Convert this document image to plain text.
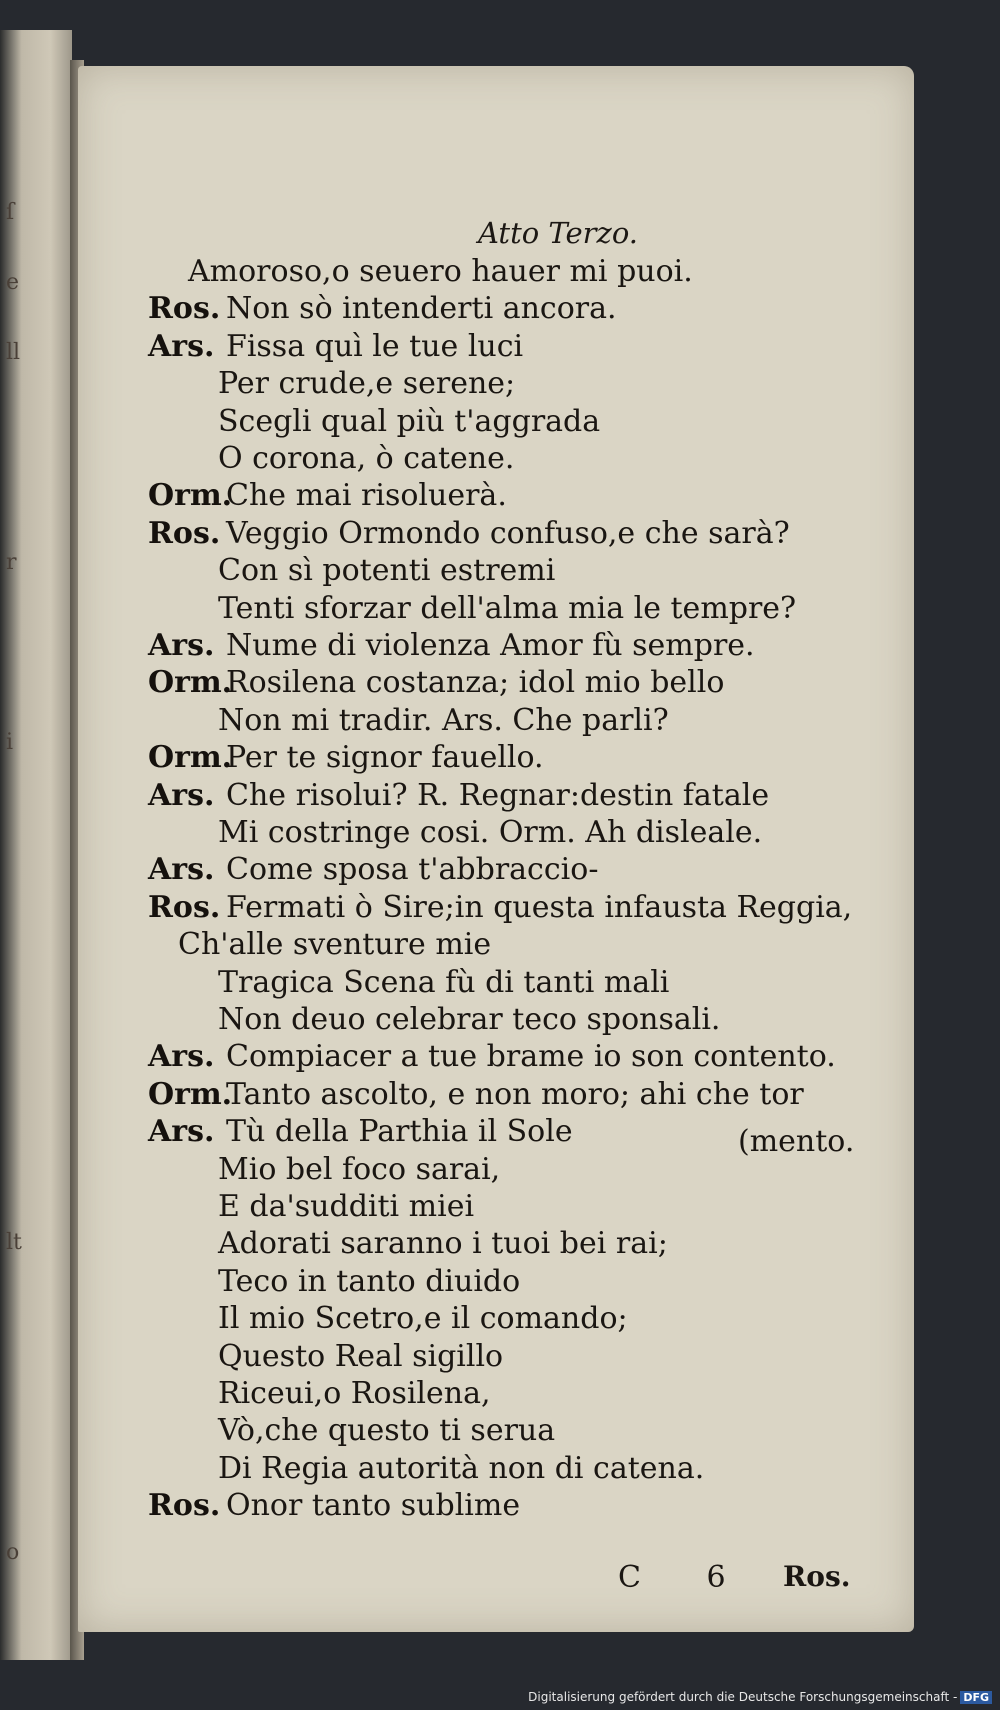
ſ
e
ll
r
i
lt
o
Atto Terzo.
Amoroso,o seuero hauer mi puoi.
Ros. Non sò intenderti ancora.
Ars. Fissa quì le tue luci
Per crude,e serene;
Scegli qual più t'aggrada
O corona, ò catene.
Orm.
Che mai risoluerà.
Ros. Veggio Ormondo confuso,e che sarà?
Con sì potenti estremi
Tenti sforzar dell'alma mia le tempre?
Ars. Nume di violenza Amor fù sempre.
Orm.
Rosilena costanza; idol mio bello
Non mi tradir. Ars. Che parli?
Orm.
Per te signor fauello.
Ars. Che risolui? R. Regnar:destin fatale
Mi costringe cosi. Orm. Ah disleale.
Ars. Come sposa t'abbraccio-
Ros. Fermati ò Sire;in questa infausta Reggia,
Ch'alle sventure mie
Tragica Scena fù di tanti mali
Non deuo celebrar teco sponsali.
Ars. Compiacer a tue brame io son contento.
Orm.
Tanto ascolto, e non moro; ahi che tor
Ars. Tù della Parthia il Sole
Mio bel foco sarai,
E da'sudditi miei
Adorati saranno i tuoi bei rai;
Teco in tanto diuido
Il mio Scetro,e il comando;
Questo Real sigillo
Riceui,o Rosilena,
Vò,che questo ti serua
Di Regia autorità non di catena.
Ros. Onor tanto sublime
(mento.
C 6 Ros.
Digitalisierung gefördert durch die Deutsche Forschungsgemeinschaft - DFG
